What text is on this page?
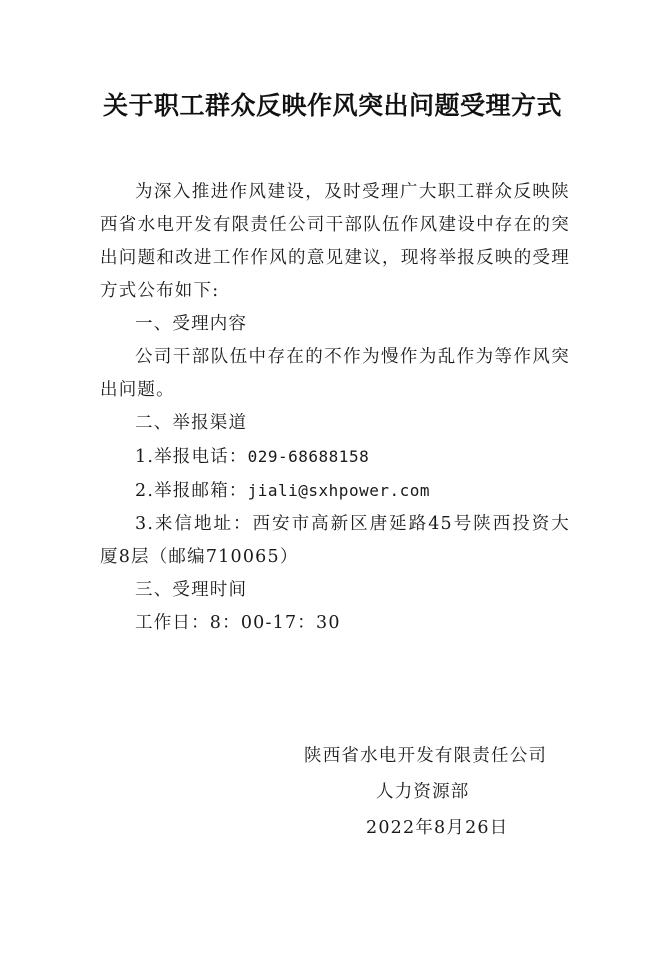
关于职工群众反映作风突出问题受理方式

为深入推进作风建设，及时受理广大职工群众反映陕西省水电开发有限责任公司干部队伍作风建设中存在的突出问题和改进工作作风的意见建议，现将举报反映的受理方式公布如下:

一、受理内容

公司干部队伍中存在的不作为慢作为乱作为等作风突出问题。

二、举报渠道

1.举报电话：029-68688158

2.举报邮箱：jiali@sxhpower.com

3.来信地址：西安市高新区唐延路45号陕西投资大厦8层（邮编710065）

三、受理时间

工作日：8：00-17：30

陕西省水电开发有限责任公司
人力资源部
2022年8月26日
